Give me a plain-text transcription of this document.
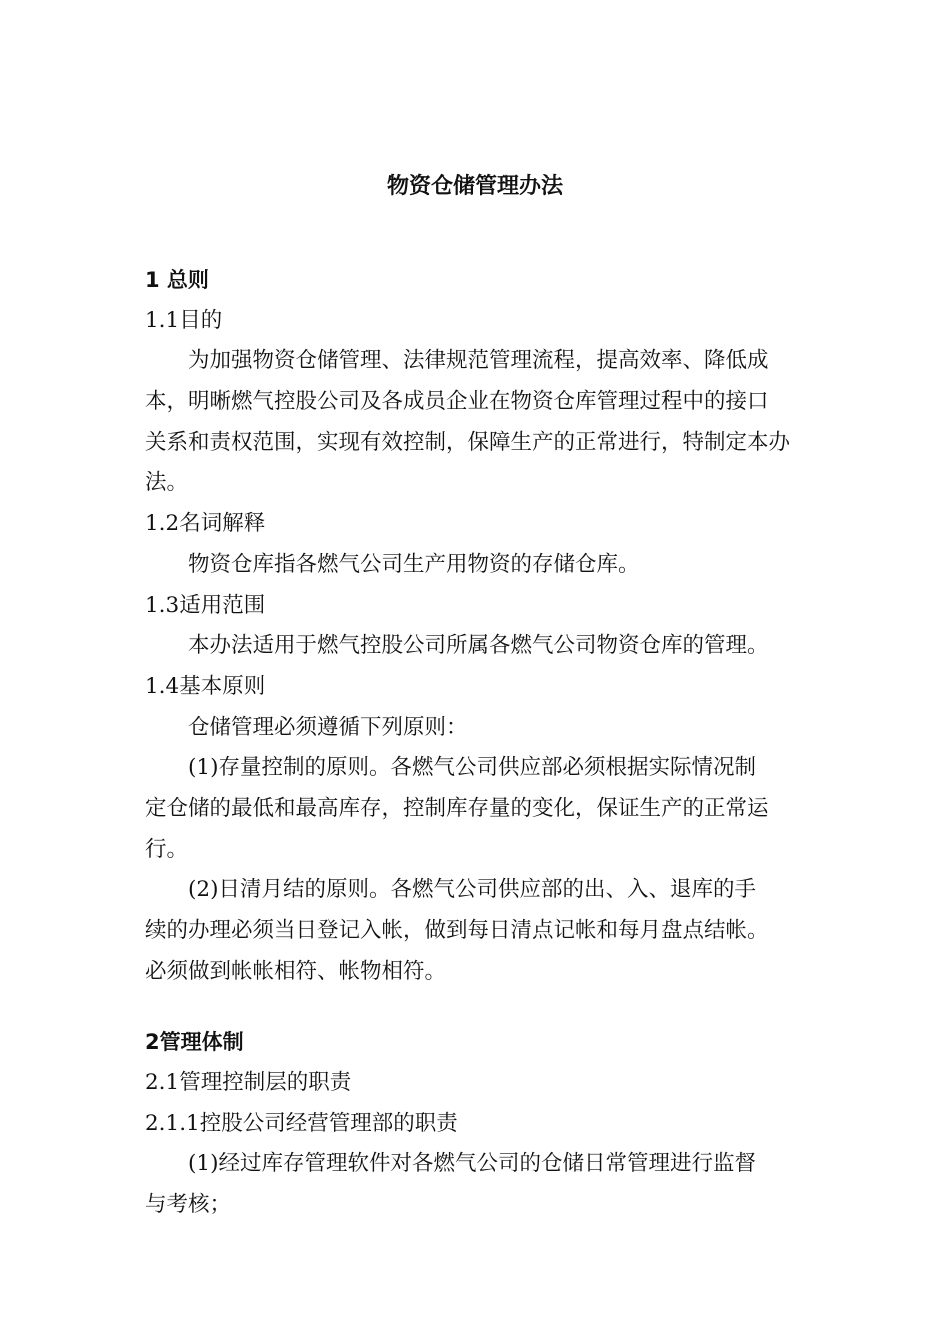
物资仓储管理办法

1 总则

1.1目的

为加强物资仓储管理、法律规范管理流程，提高效率、降低成

本，明晰燃气控股公司及各成员企业在物资仓库管理过程中的接口

关系和责权范围，实现有效控制，保障生产的正常进行，特制定本办

法。

1.2名词解释

物资仓库指各燃气公司生产用物资的存储仓库。

1.3适用范围

本办法适用于燃气控股公司所属各燃气公司物资仓库的管理。

1.4基本原则

仓储管理必须遵循下列原则：

(1)存量控制的原则。各燃气公司供应部必须根据实际情况制

定仓储的最低和最高库存，控制库存量的变化，保证生产的正常运

行。

(2)日清月结的原则。各燃气公司供应部的出、入、退库的手

续的办理必须当日登记入帐，做到每日清点记帐和每月盘点结帐。

必须做到帐帐相符、帐物相符。

2管理体制

2.1管理控制层的职责

2.1.1控股公司经营管理部的职责

(1)经过库存管理软件对各燃气公司的仓储日常管理进行监督

与考核；
